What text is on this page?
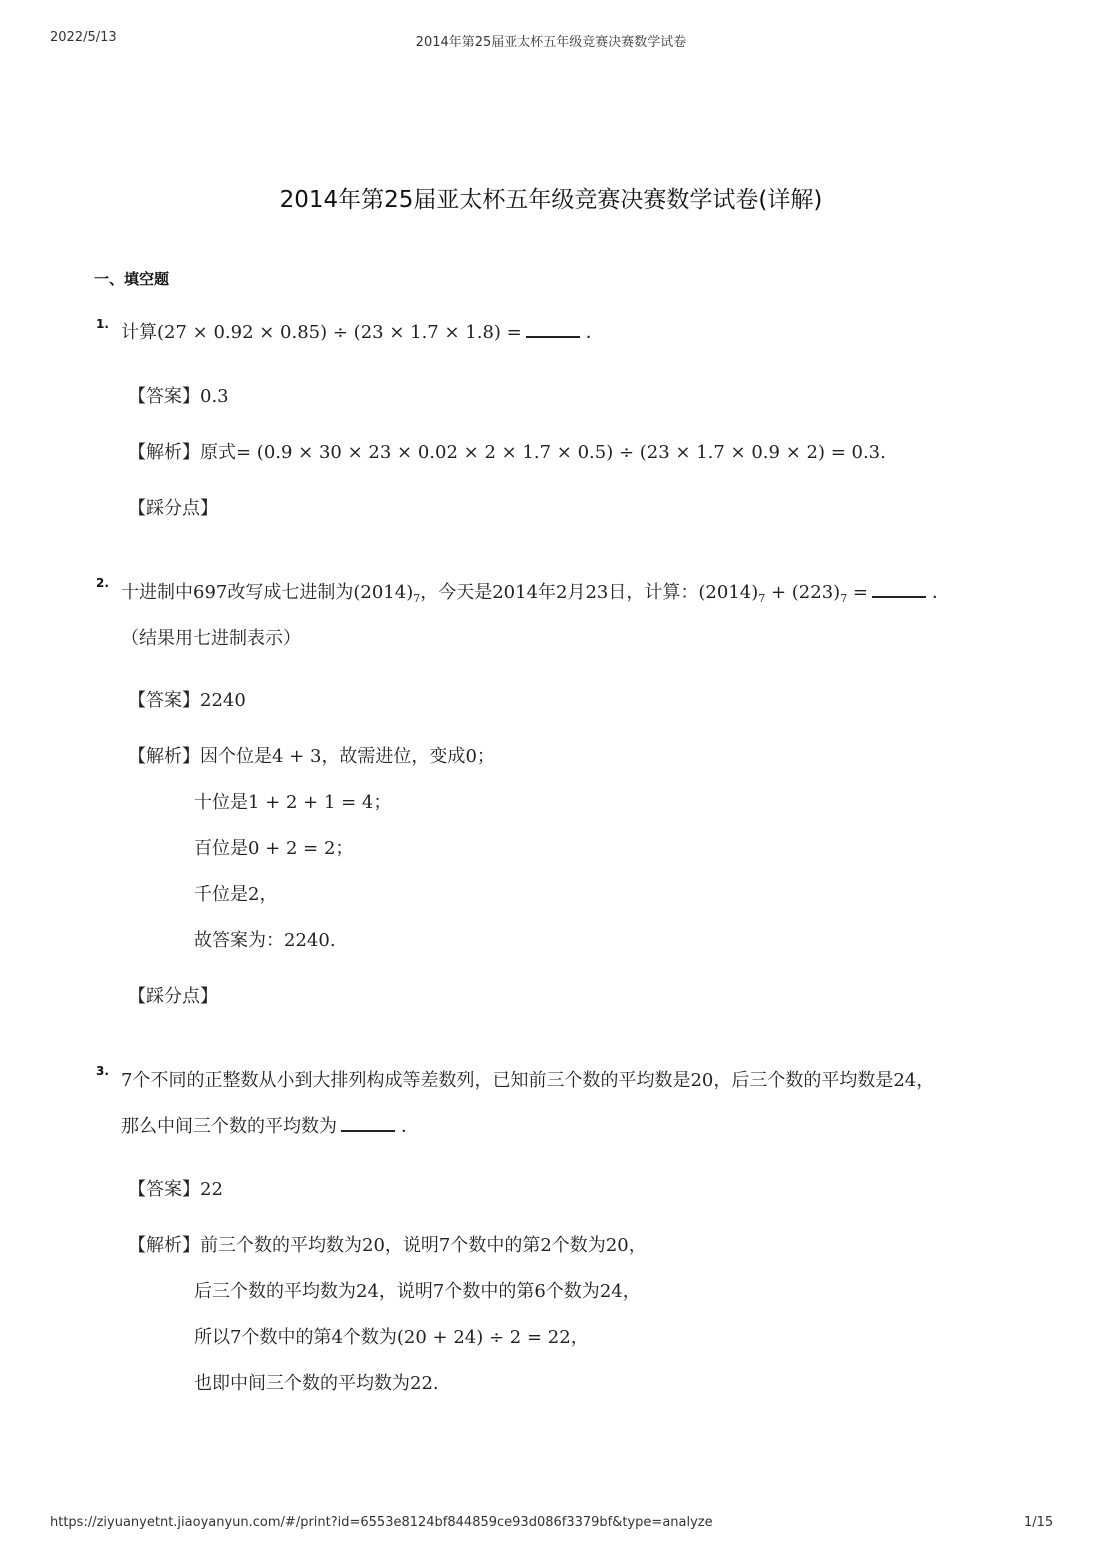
2022/5/13	2014年第25届亚太杯五年级竞赛决赛数学试卷
2014年第25届亚太杯五年级竞赛决赛数学试卷(详解)
一、填空题
1. 计算(27 × 0.92 × 0.85) ÷ (23 × 1.7 × 1.8) =	．
【答案】0.3
【解析】原式= (0.9 × 30 × 23 × 0.02 × 2 × 1.7 × 0.5) ÷ (23 × 1.7 × 0.9 × 2) = 0.3.
【踩分点】
2. 十进制中697改写成七进制为$(2014)_7$，今天是2014年2月23日，计算：$(2014)_7 + (223)_7$ =	．
（结果用七进制表示）
【答案】2240
【解析】因个位是4 + 3，故需进位，变成0；
十位是1 + 2 + 1 = 4；
百位是0 + 2 = 2；
千位是2，
故答案为：2240.
【踩分点】
3. 7个不同的正整数从小到大排列构成等差数列，已知前三个数的平均数是20，后三个数的平均数是24，
那么中间三个数的平均数为	．
【答案】22
【解析】前三个数的平均数为20，说明7个数中的第2个数为20，
后三个数的平均数为24，说明7个数中的第6个数为24，
所以7个数中的第4个数为(20 + 24) ÷ 2 = 22，
也即中间三个数的平均数为22.
https://ziyuanyetnt.jiaoyanyun.com/#/print?id=6553e8124bf844859ce93d086f3379bf&type=analyze	1/15
